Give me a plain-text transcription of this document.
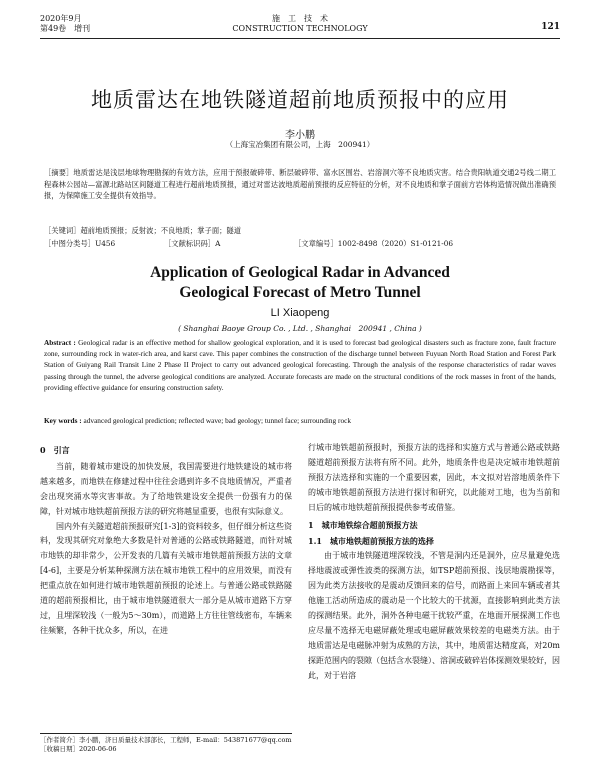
2020年9月
第49卷　增刊
施　工　技　术
CONSTRUCTION TECHNOLOGY	121
地质雷达在地铁隧道超前地质预报中的应用
李小鹏
（上海宝冶集团有限公司，上海　200941）
［摘要］地质雷达是浅层地球物理勘探的有效方法，应用于预报破碎带、断层破碎带、富水区围岩、岩溶洞穴等不良地质灾害。结合贵阳轨道交通2号线二期工程森林公园站—富源北路站区间隧道工程进行超前地质预报，通过对雷达波地质超前预报的反应特征的分析，对不良地质和掌子面前方岩体构造情况做出准确预报，为保障施工安全提供有效指导。
［关键词］超前地质预报；反射波；不良地质；掌子面；隧道
［中图分类号］U456	［文献标识码］A	［文章编号］1002-8498（2020）S1-0121-06
Application of Geological Radar in Advanced
Geological Forecast of Metro Tunnel
LI Xiaopeng
( Shanghai Baoye Group Co. , Ltd. , Shanghai　200941 , China )
Abstract : Geological radar is an effective method for shallow geological exploration, and it is used to forecast bad geological disasters such as fracture zone, fault fracture zone, surrounding rock in water-rich area, and karst cave. This paper combines the construction of the discharge tunnel between Fuyuan North Road Station and Forest Park Station of Guiyang Rail Transit Line 2 Phase II Project to carry out advanced geological forecasting. Through the analysis of the response characteristics of radar waves passing through the tunnel, the adverse geological conditions are analyzed. Accurate forecasts are made on the structural conditions of the rock masses in front of the hands, providing effective guidance for ensuring construction safety.
Key words : advanced geological prediction; reflected wave; bad geology; tunnel face; surrounding rock
0　引言

当前，随着城市建设的加快发展，我国需要进行地铁建设的城市将越来越多，而地铁在修建过程中往往会遇到许多不良地质情况，严重者会出现突涌水等灾害事故。为了给地铁建设安全提供一份强有力的保障，针对城市地铁超前预报方法的研究将越显重要，也很有实际意义。

国内外有关隧道超前预报研究[1-3]的资料较多，但仔细分析这些资料，发现其研究对象绝大多数是针对普通的公路或铁路隧道，而针对城市地铁的却非常少，公开发表的几篇有关城市地铁超前预报方法的文章[4-6]，主要是分析某种探测方法在城市地铁工程中的应用效果，而没有把重点放在如何进行城市地铁超前预报的论述上。与普通公路或铁路隧道的超前预报相比，由于城市地铁隧道很大一部分是从城市道路下方穿过，且埋深较浅（一般为5～30m），而道路上方往往管线密布，车辆来往频繁，各种干扰众多，所以，在进

行城市地铁超前预报时，预报方法的选择和实施方式与普通公路或铁路隧道超前预报方法将有所不同。此外，地质条件也是决定城市地铁超前预报方法选择和实施的一个重要因素，因此，本文拟对岩溶地质条件下的城市地铁超前预报方法进行探讨和研究，以此能对工地，也为当前和日后的城市地铁超前预报提供参考或借鉴。

1　城市地铁综合超前预报方法
1.1　城市地铁超前预报方法的选择

由于城市地铁隧道埋深较浅，不管是洞内还是洞外，应尽量避免选择地震波或弹性波类的探测方法，如TSP超前预报、浅层地震勘探等，因为此类方法接收的是震动反馈回来的信号，而路面上来回车辆或者其他施工活动所造成的震动是一个比较大的干扰源，直接影响到此类方法的探测结果。此外，洞外各种电磁干扰较严重，在地面开展探测工作也应尽量不选择无电磁屏蔽处理或电磁屏蔽效果较差的电磁类方法。由于地质雷达是电磁脉冲射为成熟的方法，其中，地质雷达精度高，对20m探距范围内的裂隙（包括含水裂缝）、溶洞或破碎岩体探测效果较好，因此，对于岩溶

［作者简介］李小鹏，济日质量技术部部长，工程师，E-mail：543871677@qq.com
［收稿日期］2020-06-06
